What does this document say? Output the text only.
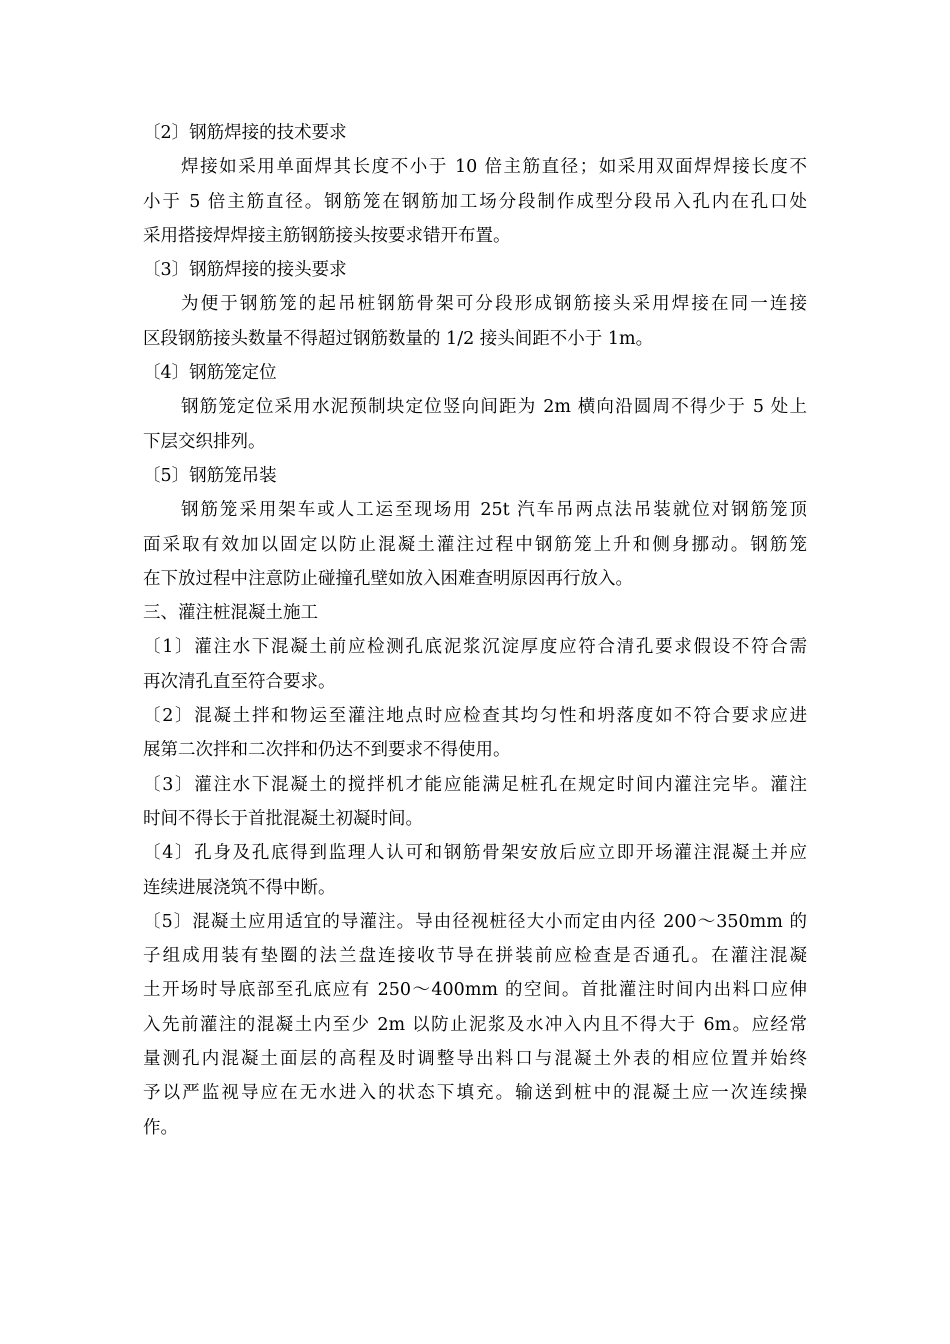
〔2〕钢筋焊接的技术要求
焊接如采用单面焊其长度不小于 10 倍主筋直径；如采用双面焊焊接长度不
小于 5 倍主筋直径。钢筋笼在钢筋加工场分段制作成型分段吊入孔内在孔口处
采用搭接焊焊接主筋钢筋接头按要求错开布置。
〔3〕钢筋焊接的接头要求
为便于钢筋笼的起吊桩钢筋骨架可分段形成钢筋接头采用焊接在同一连接
区段钢筋接头数量不得超过钢筋数量的 1/2 接头间距不小于 1m。
〔4〕钢筋笼定位
钢筋笼定位采用水泥预制块定位竖向间距为 2m 横向沿圆周不得少于 5 处上
下层交织排列。
〔5〕钢筋笼吊装
钢筋笼采用架车或人工运至现场用 25t 汽车吊两点法吊装就位对钢筋笼顶
面采取有效加以固定以防止混凝土灌注过程中钢筋笼上升和侧身挪动。钢筋笼
在下放过程中注意防止碰撞孔壁如放入困难查明原因再行放入。
三、灌注桩混凝土施工
〔1〕灌注水下混凝土前应检测孔底泥浆沉淀厚度应符合清孔要求假设不符合需
再次清孔直至符合要求。
〔2〕混凝土拌和物运至灌注地点时应检查其均匀性和坍落度如不符合要求应进
展第二次拌和二次拌和仍达不到要求不得使用。
〔3〕灌注水下混凝土的搅拌机才能应能满足桩孔在规定时间内灌注完毕。灌注
时间不得长于首批混凝土初凝时间。
〔4〕孔身及孔底得到监理人认可和钢筋骨架安放后应立即开场灌注混凝土并应
连续进展浇筑不得中断。
〔5〕混凝土应用适宜的导灌注。导由径视桩径大小而定由内径 200～350mm 的
子组成用装有垫圈的法兰盘连接收节导在拼装前应检查是否通孔。在灌注混凝
土开场时导底部至孔底应有 250～400mm 的空间。首批灌注时间内出料口应伸
入先前灌注的混凝土内至少 2m 以防止泥浆及水冲入内且不得大于 6m。应经常
量测孔内混凝土面层的高程及时调整导出料口与混凝土外表的相应位置并始终
予以严监视导应在无水进入的状态下填充。输送到桩中的混凝土应一次连续操
作。
